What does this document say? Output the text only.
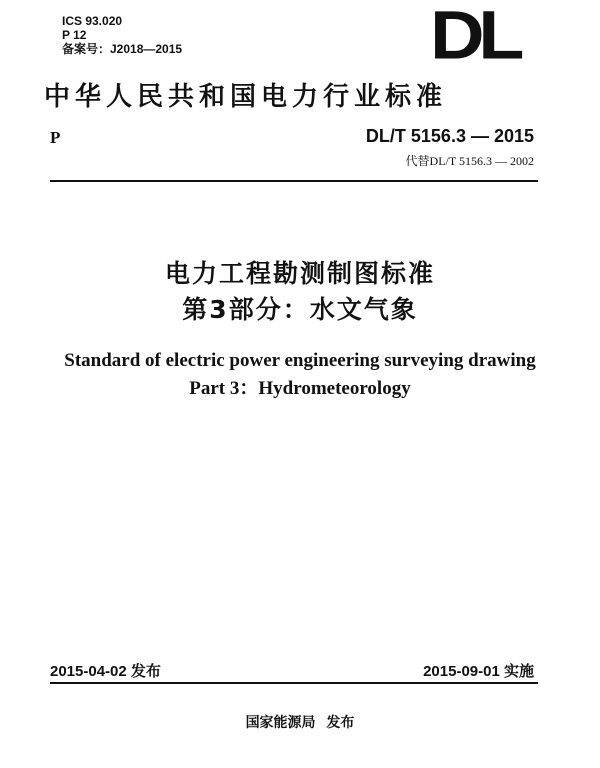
ICS 93.020
P 12
备案号：J2018—2015	DL
中华人民共和国电力行业标准
P	DL/T 5156.3 — 2015
代替DL/T 5156.3 — 2002
电力工程勘测制图标准
第3部分：水文气象
Standard of electric power engineering surveying drawing
Part 3：Hydrometeorology
2015-04-02 发布	2015-09-01 实施
国家能源局 发布
